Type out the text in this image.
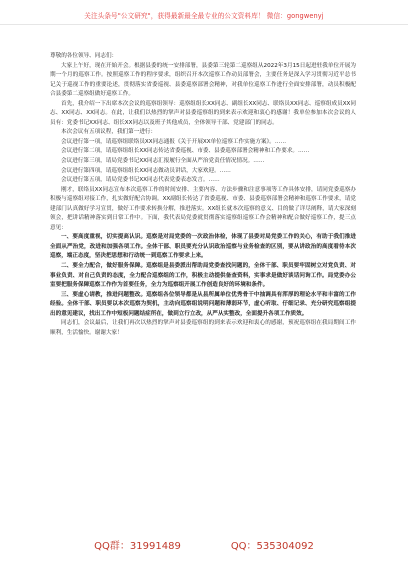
关注头条号"公文研究"，获得最新最全最专业的公文资料库！ 微信：gongwenyj

尊敬的各位领导、同志们：

大家上午好，现在开始开会。根据县委的统一安排部署，县委第三轮第二巡察组从2022年3月15日起进驻我单位开展为期一个月的巡察工作。按照巡察工作的程序要求，组织召开本次巡察工作动员部署会，主要任务是深入学习贯彻习近平总书记关于巡视工作的重要论述，贯彻落实省委巡视、县委巡察部署会精神，对我单位巡察工作进行全面安排部署，动员积极配合县委第二巡察组做好巡察工作。

首先，我介绍一下出席本次会议的巡察组领导：巡察组组长XX同志、副组长XX同志、联络员XX同志、巡察组成员XX同志、XX同志、XX同志。在此，让我们以热烈的掌声对县委巡察组的到来表示欢迎和衷心的感谢！我单位参加本次会议的人员有：党委书记XX同志、组长XX同志以及班子其他成员，全体领导干部、党建部门的同志。

本次会议有五项议程，我们第一进行：

会议进行第一项，请巡察组联络员XX同志通报《关于开展XX单位巡察工作实施方案》。……

会议进行第二项，请巡察组组长XX同志传达省委巡视、市委、县委巡察部署会精神和工作要求。……

会议进行第三项，请局党委书记XX同志汇报履行全面从严治党责任情况情况。……

会议进行第四项，请巡察组组长XX同志做动员讲话，大家欢迎。……

会议进行第五项，请局党委书记XX同志代表党委表态发言。……

刚才，联络员XX同志宣布本次巡察工作的时间安排、主要内容、方法步骤和注意事项等工作具体安排，请同党委巡察办积极与巡察组对接工作，扎实做好配合协调。XX副组长传达了省委巡视、市委、县委巡察部署会精神和巡察工作要求，请党建部门认真做好学习宣贯，做好工作要求转换分解，推进落实。XX组长就本次巡察的意义、目的做了详尽阐释，请大家深刻领会，把讲话精神落实到日常工作中。下面，我代表局党委就贯彻落实巡察组巡察工作会精神和配合做好巡察工作，提三点意见：

一、要高度重视，切实提高认识。巡察是对局党委的一次政治体检，体现了县委对局党委工作的关心，有助于我们推进全面从严治党，改进和加强各项工作。全体干部、职员要充分认识政治巡察与业务检查的区别，要从讲政治的高度看待本次巡察，端正态度，坚决把思想和行动统一到巡察工作要求上来。

二、要全力配合，做好服务保障。巡察组是县委派出帮助局党委查找问题的，全体干部、职员要牢固树立对党负责、对事业负责、对自己负责的态度，全力配合巡察组的工作，积极主动提供备查资料，实事求是做好谈话问询工作。局党委办公室要把服务保障巡察工作作为首要任务，全力为巡察组开展工作创造良好的环境和条件。

三、要虚心请教，推进问题整改。巡察组各位领导都是从县所属单位优秀骨干中抽调具有浑厚的理论水平和丰富的工作经验。全体干部、职员要以本次巡察为契机，主动向巡察组说明问题和薄弱环节，虚心听取、仔细记录、充分研究巡察组提出的意见建议，找出工作中短板问题结症所在，做到立行立改，从严从实整改，全面提升各项工作质效。

同志们，会议最后，让我们再次以热烈的掌声对县委巡察组的到来表示欢迎和衷心的感谢，预祝巡察组在我局期间工作顺利，生活愉快。谢谢大家！

QQ群：31991489	QQ：535304092
